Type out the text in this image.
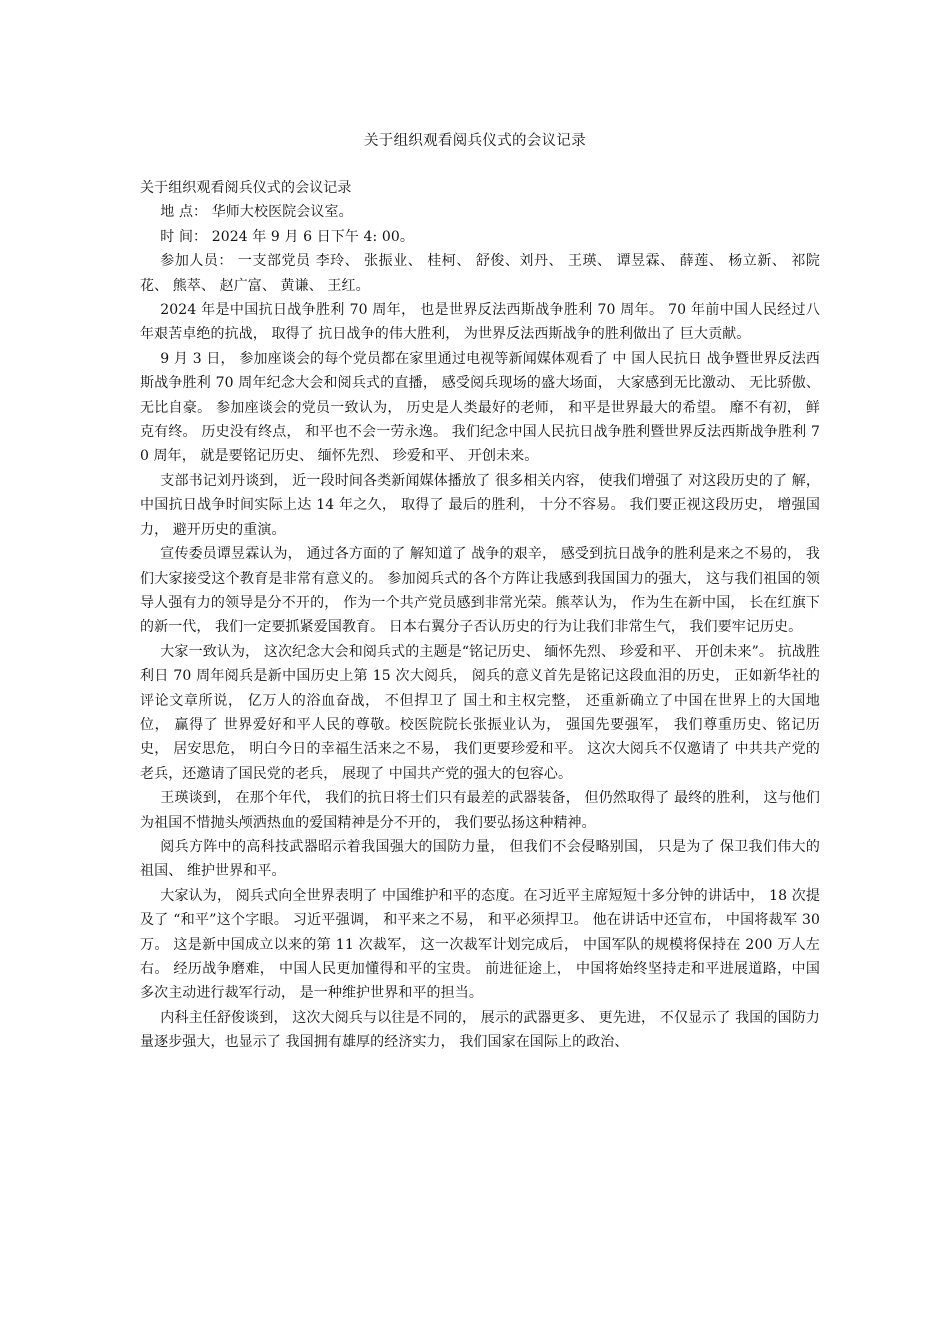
关于组织观看阅兵仪式的会议记录

关于组织观看阅兵仪式的会议记录

地 点： 华师大校医院会议室。

时 间： 2024 年 9 月 6 日下午 4: 00。

参加人员： 一支部党员 李玲、 张振业、 桂柯、 舒俊、刘丹、 王瑛、 谭昱霖、 薛莲、 杨立新、 祁院花、 熊萃、 赵广富、 黄谦、 王红。

2024 年是中国抗日战争胜利 70 周年， 也是世界反法西斯战争胜利 70 周年。 70 年前中国人民经过八年艰苦卓绝的抗战， 取得了 抗日战争的伟大胜利， 为世界反法西斯战争的胜利做出了 巨大贡献。

9 月 3 日， 参加座谈会的每个党员都在家里通过电视等新闻媒体观看了 中 国人民抗日 战争暨世界反法西斯战争胜利 70 周年纪念大会和阅兵式的直播， 感受阅兵现场的盛大场面， 大家感到无比激动、 无比骄傲、 无比自豪。 参加座谈会的党员一致认为， 历史是人类最好的老师， 和平是世界最大的希望。 靡不有初， 鲜克有终。 历史没有终点， 和平也不会一劳永逸。 我们纪念中国人民抗日战争胜利暨世界反法西斯战争胜利 70 周年， 就是要铭记历史、 缅怀先烈、 珍爱和平、 开创未来。

支部书记刘丹谈到， 近一段时间各类新闻媒体播放了 很多相关内容， 使我们增强了 对这段历史的了 解， 中国抗日战争时间实际上达 14 年之久， 取得了 最后的胜利， 十分不容易。 我们要正视这段历史， 增强国力， 避开历史的重演。

宣传委员谭昱霖认为， 通过各方面的了 解知道了 战争的艰辛， 感受到抗日战争的胜利是来之不易的， 我们大家接受这个教育是非常有意义的。 参加阅兵式的各个方阵让我感到我国国力的强大， 这与我们祖国的领导人强有力的领导是分不开的， 作为一个共产党员感到非常光荣。熊萃认为， 作为生在新中国， 长在红旗下的新一代， 我们一定要抓紧爱国教育。 日本右翼分子否认历史的行为让我们非常生气， 我们要牢记历史。

大家一致认为， 这次纪念大会和阅兵式的主题是“铭记历史、 缅怀先烈、 珍爱和平、 开创未来”。 抗战胜利日 70 周年阅兵是新中国历史上第 15 次大阅兵， 阅兵的意义首先是铭记这段血泪的历史， 正如新华社的评论文章所说， 亿万人的浴血奋战， 不但捍卫了 国土和主权完整， 还重新确立了中国在世界上的大国地位， 赢得了 世界爱好和平人民的尊敬。校医院院长张振业认为， 强国先要强军， 我们尊重历史、铭记历史， 居安思危， 明白今日的幸福生活来之不易， 我们更要珍爱和平。 这次大阅兵不仅邀请了 中共共产党的老兵，还邀请了国民党的老兵， 展现了 中国共产党的强大的包容心。

王瑛谈到， 在那个年代， 我们的抗日将士们只有最差的武器装备， 但仍然取得了 最终的胜利， 这与他们为祖国不惜抛头颅洒热血的爱国精神是分不开的， 我们要弘扬这种精神。

阅兵方阵中的高科技武器昭示着我国强大的国防力量， 但我们不会侵略别国， 只是为了 保卫我们伟大的祖国、 维护世界和平。

大家认为， 阅兵式向全世界表明了 中国维护和平的态度。在习近平主席短短十多分钟的讲话中， 18 次提及了 “和平”这个字眼。 习近平强调， 和平来之不易， 和平必须捍卫。 他在讲话中还宣布， 中国将裁军 30 万。 这是新中国成立以来的第 11 次裁军， 这一次裁军计划完成后， 中国军队的规模将保持在 200 万人左右。 经历战争磨难， 中国人民更加懂得和平的宝贵。 前进征途上， 中国将始终坚持走和平进展道路，中国多次主动进行裁军行动， 是一种维护世界和平的担当。

内科主任舒俊谈到， 这次大阅兵与以往是不同的， 展示的武器更多、 更先进， 不仅显示了 我国的国防力量逐步强大，也显示了 我国拥有雄厚的经济实力， 我们国家在国际上的政治、
